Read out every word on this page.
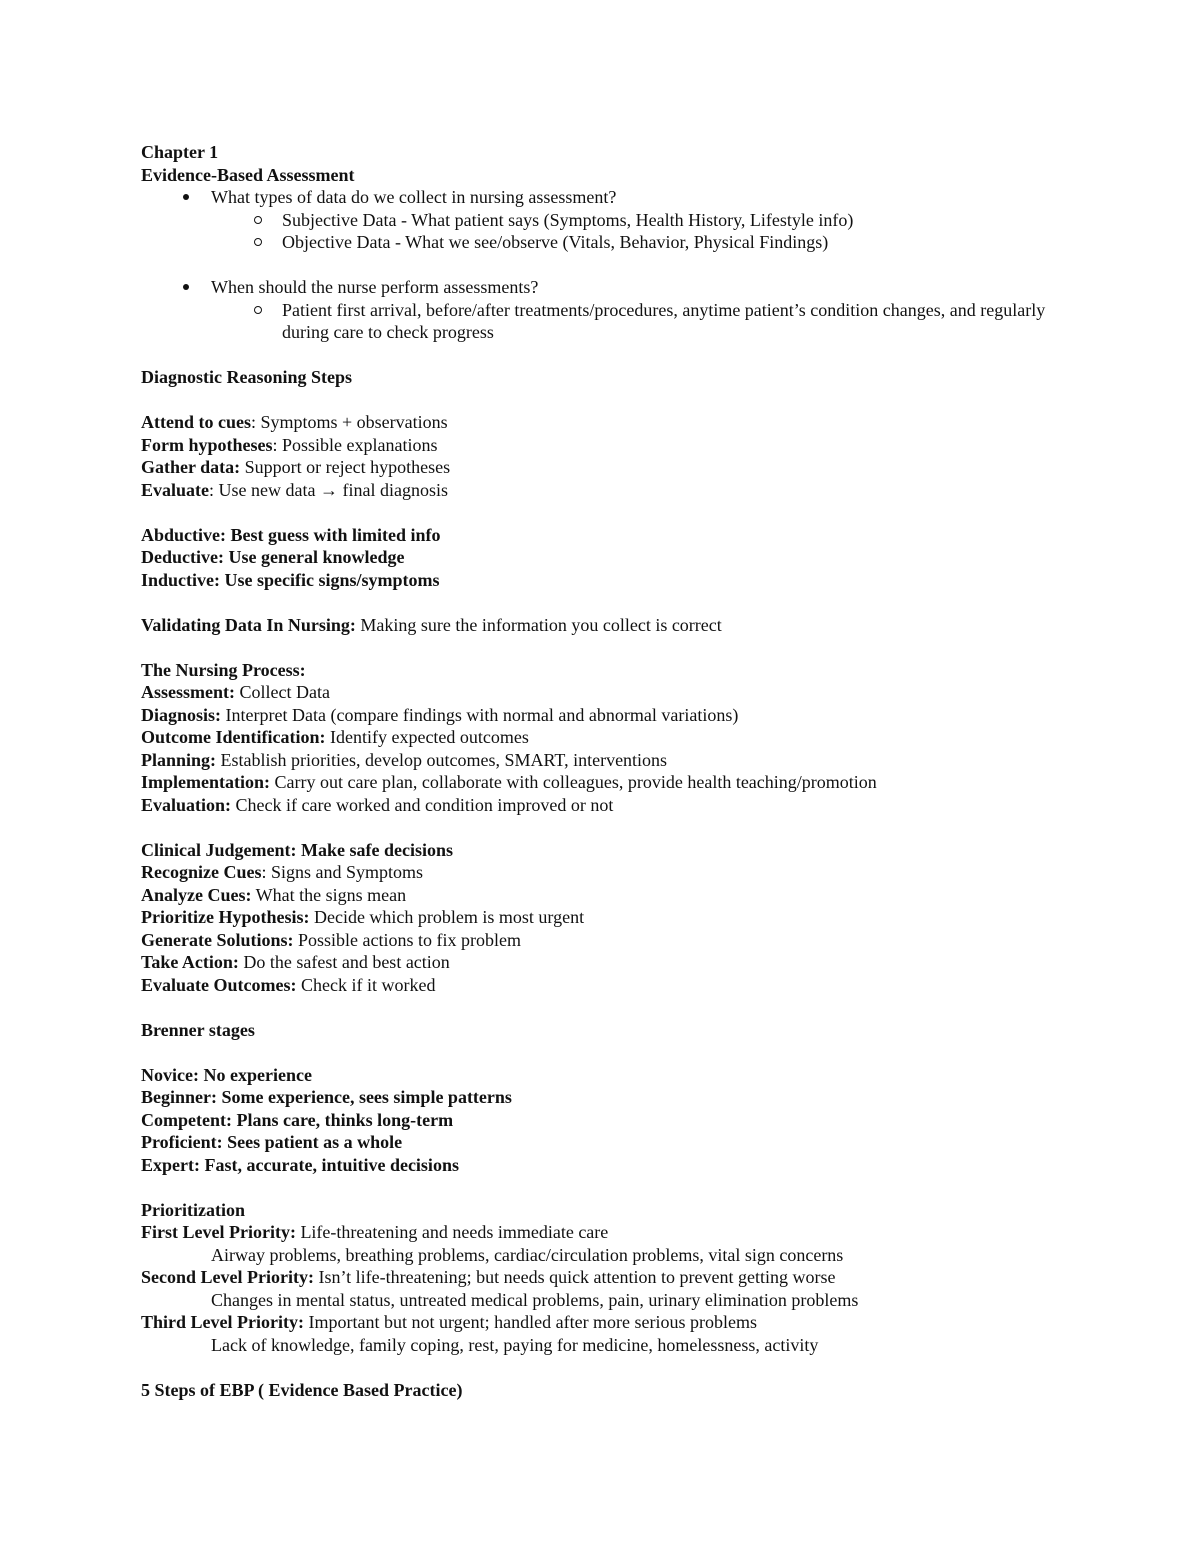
Chapter 1
Evidence-Based Assessment
What types of data do we collect in nursing assessment?
Subjective Data - What patient says (Symptoms, Health History, Lifestyle info)
Objective Data - What we see/observe (Vitals, Behavior, Physical Findings)
When should the nurse perform assessments?
Patient first arrival, before/after treatments/procedures, anytime patient’s condition changes, and regularly during care to check progress
Diagnostic Reasoning Steps
Attend to cues: Symptoms + observations
Form hypotheses: Possible explanations
Gather data: Support or reject hypotheses
Evaluate: Use new data → final diagnosis
Abductive: Best guess with limited info
Deductive: Use general knowledge
Inductive: Use specific signs/symptoms
Validating Data In Nursing: Making sure the information you collect is correct
The Nursing Process:
Assessment: Collect Data
Diagnosis: Interpret Data (compare findings with normal and abnormal variations)
Outcome Identification: Identify expected outcomes
Planning: Establish priorities, develop outcomes, SMART, interventions
Implementation: Carry out care plan, collaborate with colleagues, provide health teaching/promotion
Evaluation: Check if care worked and condition improved or not
Clinical Judgement: Make safe decisions
Recognize Cues: Signs and Symptoms
Analyze Cues: What the signs mean
Prioritize Hypothesis: Decide which problem is most urgent
Generate Solutions: Possible actions to fix problem
Take Action: Do the safest and best action
Evaluate Outcomes: Check if it worked
Brenner stages
Novice: No experience
Beginner: Some experience, sees simple patterns
Competent: Plans care, thinks long-term
Proficient: Sees patient as a whole
Expert: Fast, accurate, intuitive decisions
Prioritization
First Level Priority: Life-threatening and needs immediate care
Airway problems, breathing problems, cardiac/circulation problems, vital sign concerns
Second Level Priority: Isn’t life-threatening; but needs quick attention to prevent getting worse
Changes in mental status, untreated medical problems, pain, urinary elimination problems
Third Level Priority: Important but not urgent; handled after more serious problems
Lack of knowledge, family coping, rest, paying for medicine, homelessness, activity
5 Steps of EBP ( Evidence Based Practice)
